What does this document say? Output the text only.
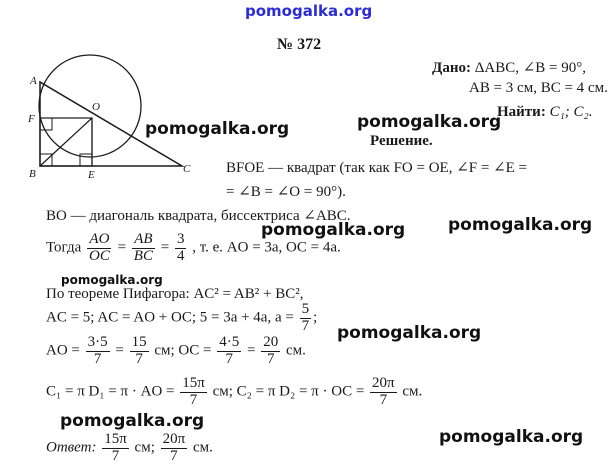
pomogalka.org
№ 372
Дано: ΔABC, ∠B = 90°,
AB = 3 см, BC = 4 см.
Найти: C₁; C₂.
A
O
F
B	E	C
pomogalka.org	pomogalka.org
pomogalka.org	pomogalka.org
pomogalka.org
pomogalka.org
pomogalka.org
pomogalka.org
Решение.
BFOE — квадрат (так как FO = OE, ∠F = ∠E =
= ∠B = ∠O = 90°).
BO — диагональ квадрата, биссектриса ∠ABC.
Тогда $\frac{AO}{OC} = \frac{AB}{BC} = \frac{3}{4}$ , т. е. AO = 3a, OC = 4a.
По теореме Пифагора: AC² = AB² + BC²,
AC = 5; AC = AO + OC; 5 = 3a + 4a, $a = \frac{5}{7}$ ;
AO = $\frac{3\cdot 5}{7} = \frac{15}{7}$ см; OC = $\frac{4\cdot 5}{7} = \frac{20}{7}$ см.
C₁ = π D₁ = π · AO = $\frac{15\pi}{7}$ см; C₂ = π D₂ = π · OC = $\frac{20\pi}{7}$ см.
Ответ: $\frac{15\pi}{7}$ см; $\frac{20\pi}{7}$ см.
